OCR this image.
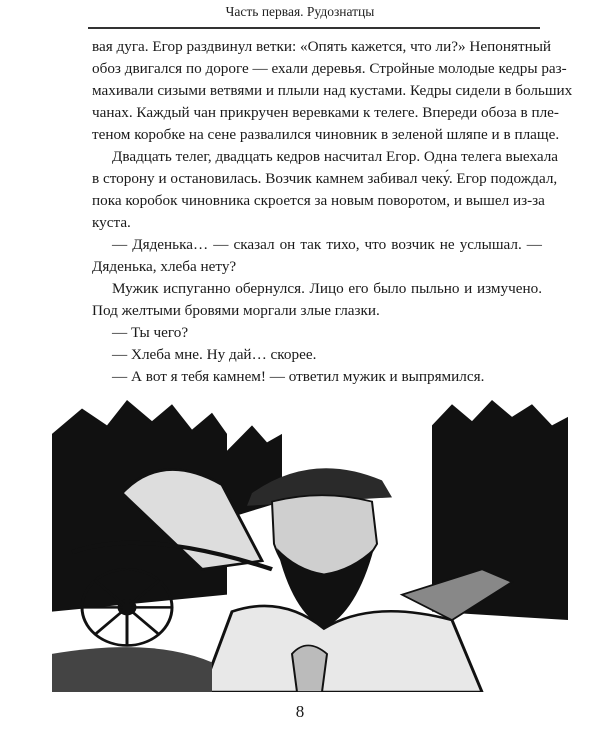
Часть первая. Рудознатцы
вая дуга. Егор раздвинул ветки: «Опять кажется, что ли?» Непонятный
обоз двигался по дороге — ехали деревья. Стройные молодые кедры раз-
махивали сизыми ветвями и плыли над кустами. Кедры сидели в больших
чанах. Каждый чан прикручен веревками к телеге. Впереди обоза в пле-
теном коробке на сене развалился чиновник в зеленой шляпе и в плаще.
Двадцать телег, двадцать кедров насчитал Егор. Одна телега выехала
в сторону и остановилась. Возчик камнем забивал чеку́. Егор подождал,
пока коробок чиновника скроется за новым поворотом, и вышел из-за
куста.
— Дяденька… — сказал он так тихо, что возчик не услышал. —
Дяденька, хлеба нету?
Мужик испуганно обернулся. Лицо его было пыльно и измучено.
Под желтыми бровями моргали злые глазки.
— Ты чего?
— Хлеба мне. Ну дай… скорее.
— А вот я тебя камнем! — ответил мужик и выпрямился.
8
